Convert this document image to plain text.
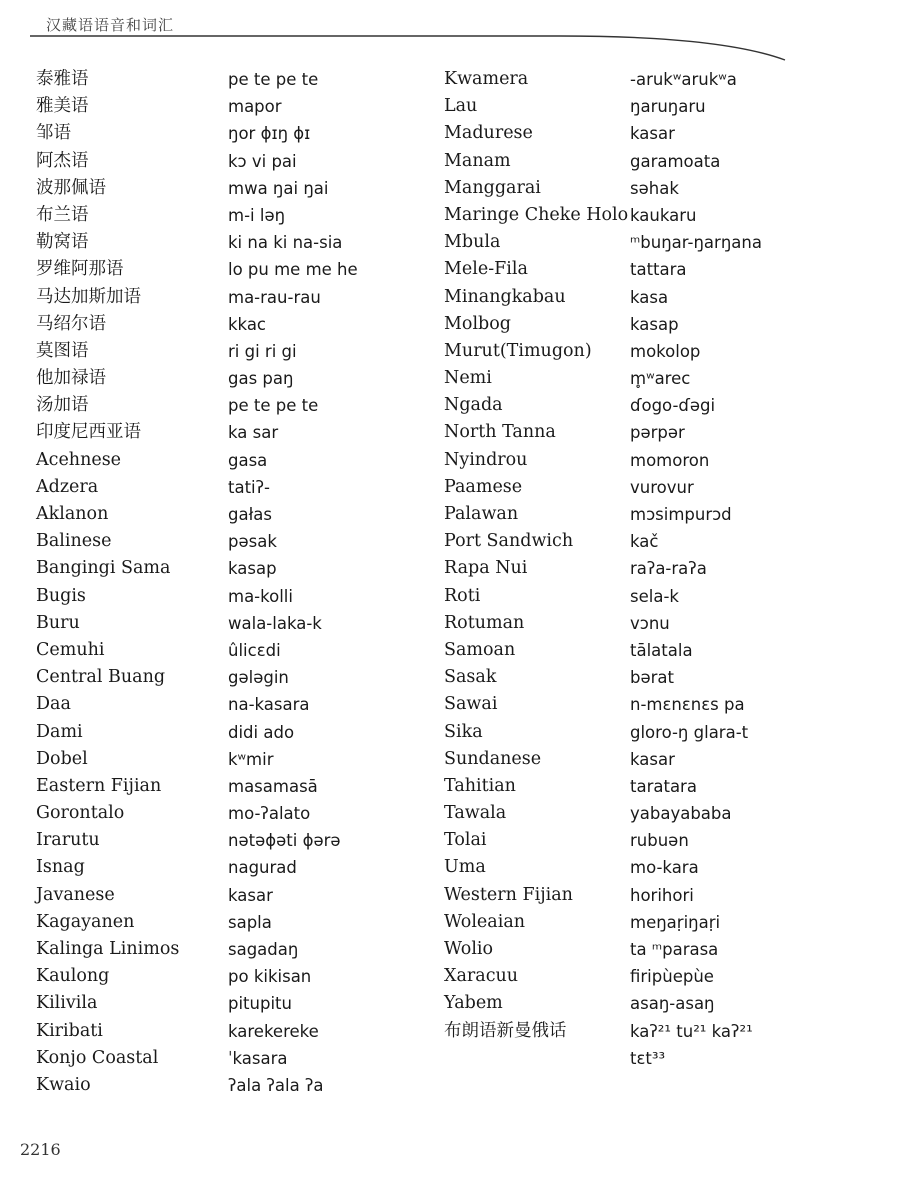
汉藏语语音和词汇
泰雅语
雅美语
邹语
阿杰语
波那佩语
布兰语
勒窝语
罗维阿那语
马达加斯加语
马绍尔语
莫图语
他加禄语
汤加语
印度尼西亚语
Acehnese
Adzera
Aklanon
Balinese
Bangingi Sama
Bugis
Buru
Cemuhi
Central Buang
Daa
Dami
Dobel
Eastern Fijian
Gorontalo
Irarutu
Isnag
Javanese
Kagayanen
Kalinga Linimos
Kaulong
Kilivila
Kiribati
Konjo Coastal
Kwaio
pe te pe te
mapor
ŋor ɸɪŋ ɸɪ
kɔ vi pai
mwa ŋai ŋai
m-i ləŋ
ki na ki na-sia
lo pu me me he
ma-rau-rau
kkac
ri gi ri gi
gas paŋ
pe te pe te
ka sar
gasa
tatiʔ-
gałas
pəsak
kasap
ma-kolli
wala-laka-k
ûlicɛdi
gələgin
na-kasara
didi ado
kʷmir
masamasā
mo-ʔalato
nətəɸəti ɸərə
nagurad
kasar
sapla
sagadaŋ
po kikisan
pitupitu
karekereke
ˈkasara
ʔala ʔala ʔa
Kwamera
Lau
Madurese
Manam
Manggarai
Maringe Cheke Holo
Mbula
Mele-Fila
Minangkabau
Molbog
Murut(Timugon)
Nemi
Ngada
North Tanna
Nyindrou
Paamese
Palawan
Port Sandwich
Rapa Nui
Roti
Rotuman
Samoan
Sasak
Sawai
Sika
Sundanese
Tahitian
Tawala
Tolai
Uma
Western Fijian
Woleaian
Wolio
Xaracuu
Yabem
布朗语新曼俄话
-arukʷarukʷa
ŋaruŋaru
kasar
garamoata
səhak
kaukaru
ᵐbuŋar-ŋarŋana
tattara
kasa
kasap
mokolop
m̥ʷarec
ɗogo-ɗəgi
pərpər
momoron
vurovur
mɔsimpurɔd
kač
raʔa-raʔa
sela-k
vɔnu
tālatala
bərat
n-mɛnɛnɛs pa
gloro-ŋ glara-t
kasar
taratara
yabayababa
rubuən
mo-kara
horihori
meŋaṛiŋaṛi
ta ᵐparasa
firipùepùe
asaŋ-asaŋ
kaʔ²¹ tu²¹ kaʔ²¹
tɛt³³
2216
